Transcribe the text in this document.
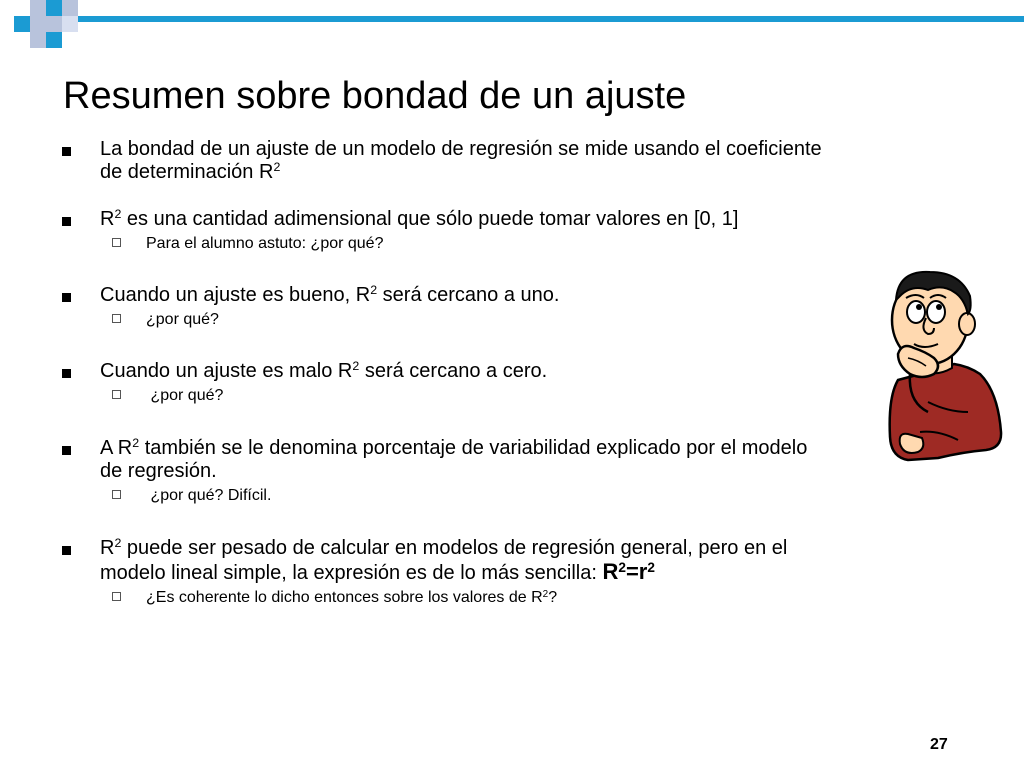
Resumen sobre bondad de un ajuste
La bondad de un ajuste de un modelo de regresión se mide usando el coeficiente de determinación $R^2$
$R^2$ es una cantidad adimensional que sólo puede tomar valores en [0, 1]
Para el alumno astuto: ¿por qué?
Cuando un ajuste es bueno, $R^2$ será cercano a uno.
¿por qué?
Cuando un ajuste es malo $R^2$ será cercano a cero.
¿por qué?
A $R^2$ también se le denomina porcentaje de variabilidad explicado por el modelo de regresión.
¿por qué? Difícil.
$R^2$ puede ser pesado de calcular en modelos de regresión general, pero en el modelo lineal simple, la expresión es de lo más sencilla: $R^2=r^2$
¿Es coherente lo dicho entonces sobre los valores de $R^2$?
27
